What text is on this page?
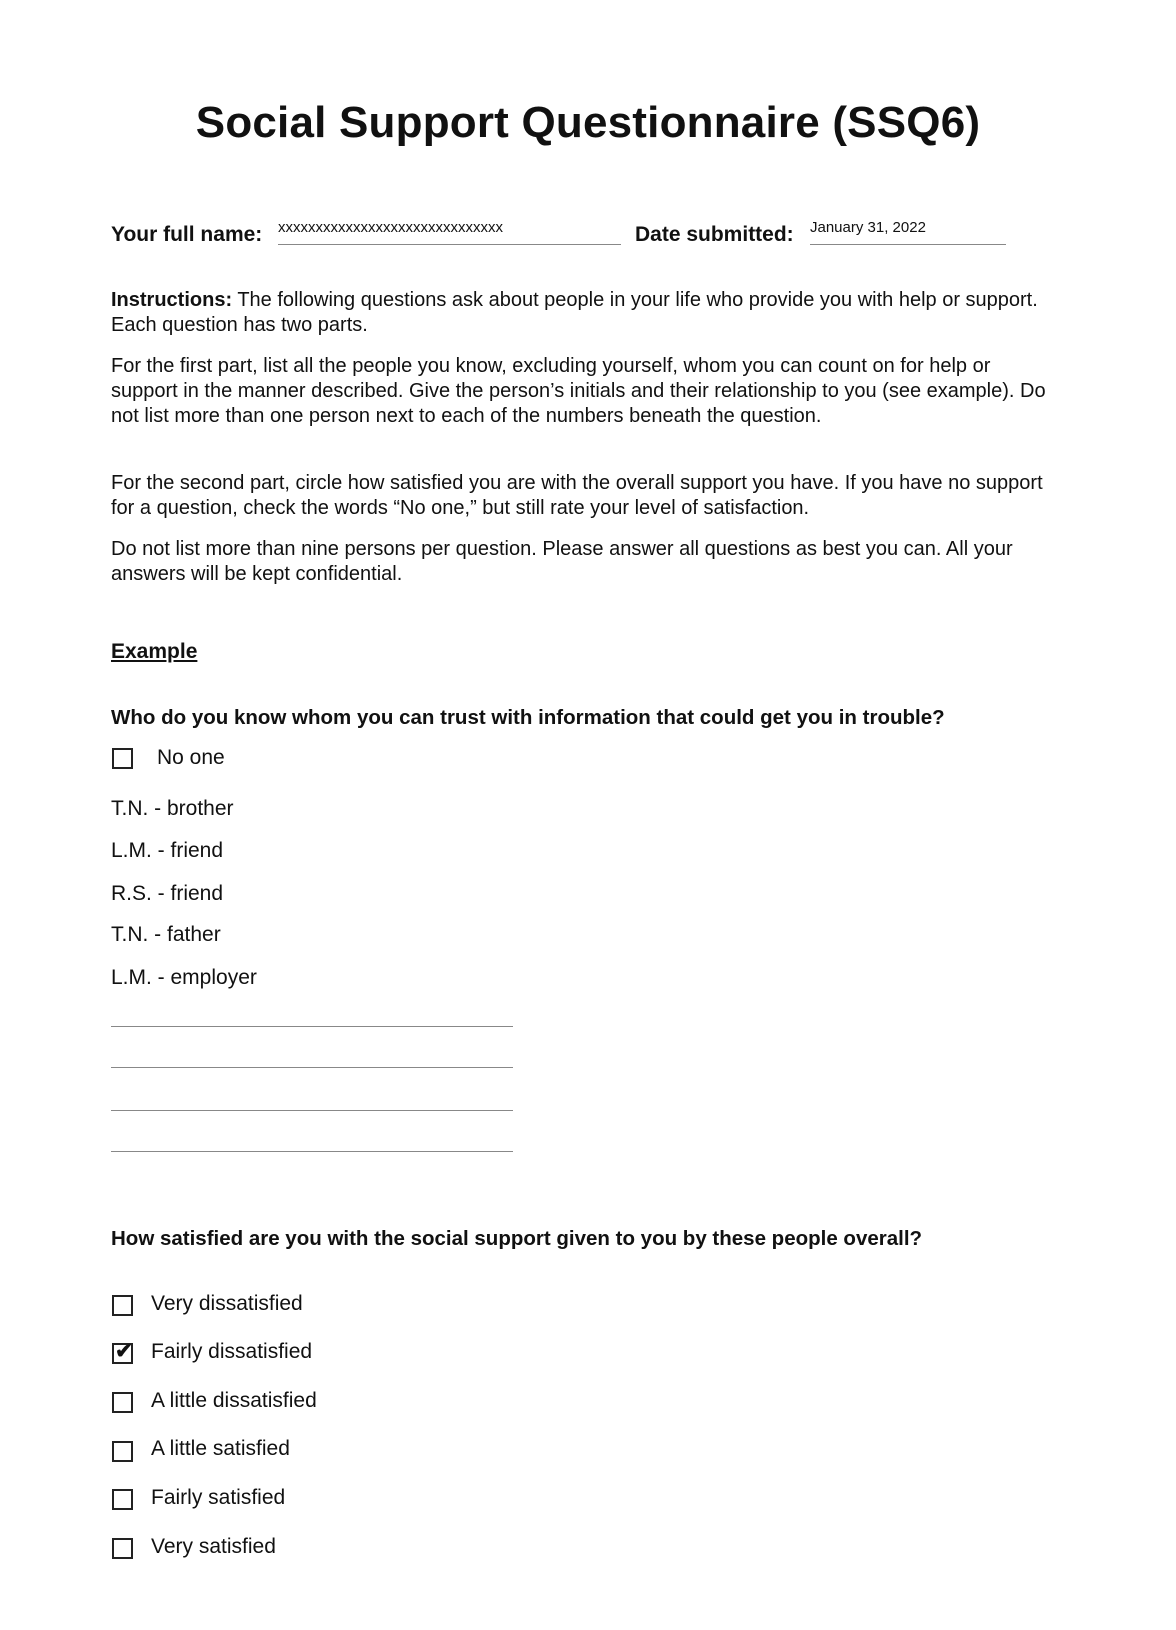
Social Support Questionnaire (SSQ6)
Your full name: xxxxxxxxxxxxxxxxxxxxxxxxxxxxxx	Date submitted: January 31, 2022

Instructions: The following questions ask about people in your life who provide you with help or support. Each question has two parts.

For the first part, list all the people you know, excluding yourself, whom you can count on for help or support in the manner described. Give the person’s initials and their relationship to you (see example). Do not list more than one person next to each of the numbers beneath the question.

For the second part, circle how satisfied you are with the overall support you have. If you have no support for a question, check the words “No one,” but still rate your level of satisfaction.

Do not list more than nine persons per question. Please answer all questions as best you can. All your answers will be kept confidential.

Example
Who do you know whom you can trust with information that could get you in trouble?
No one
T.N. - brother
L.M. - friend
R.S. - friend
T.N. - father
L.M. - employer
How satisfied are you with the social support given to you by these people overall?
Very dissatisfied
✔ Fairly dissatisfied
A little dissatisfied
A little satisfied
Fairly satisfied
Very satisfied
